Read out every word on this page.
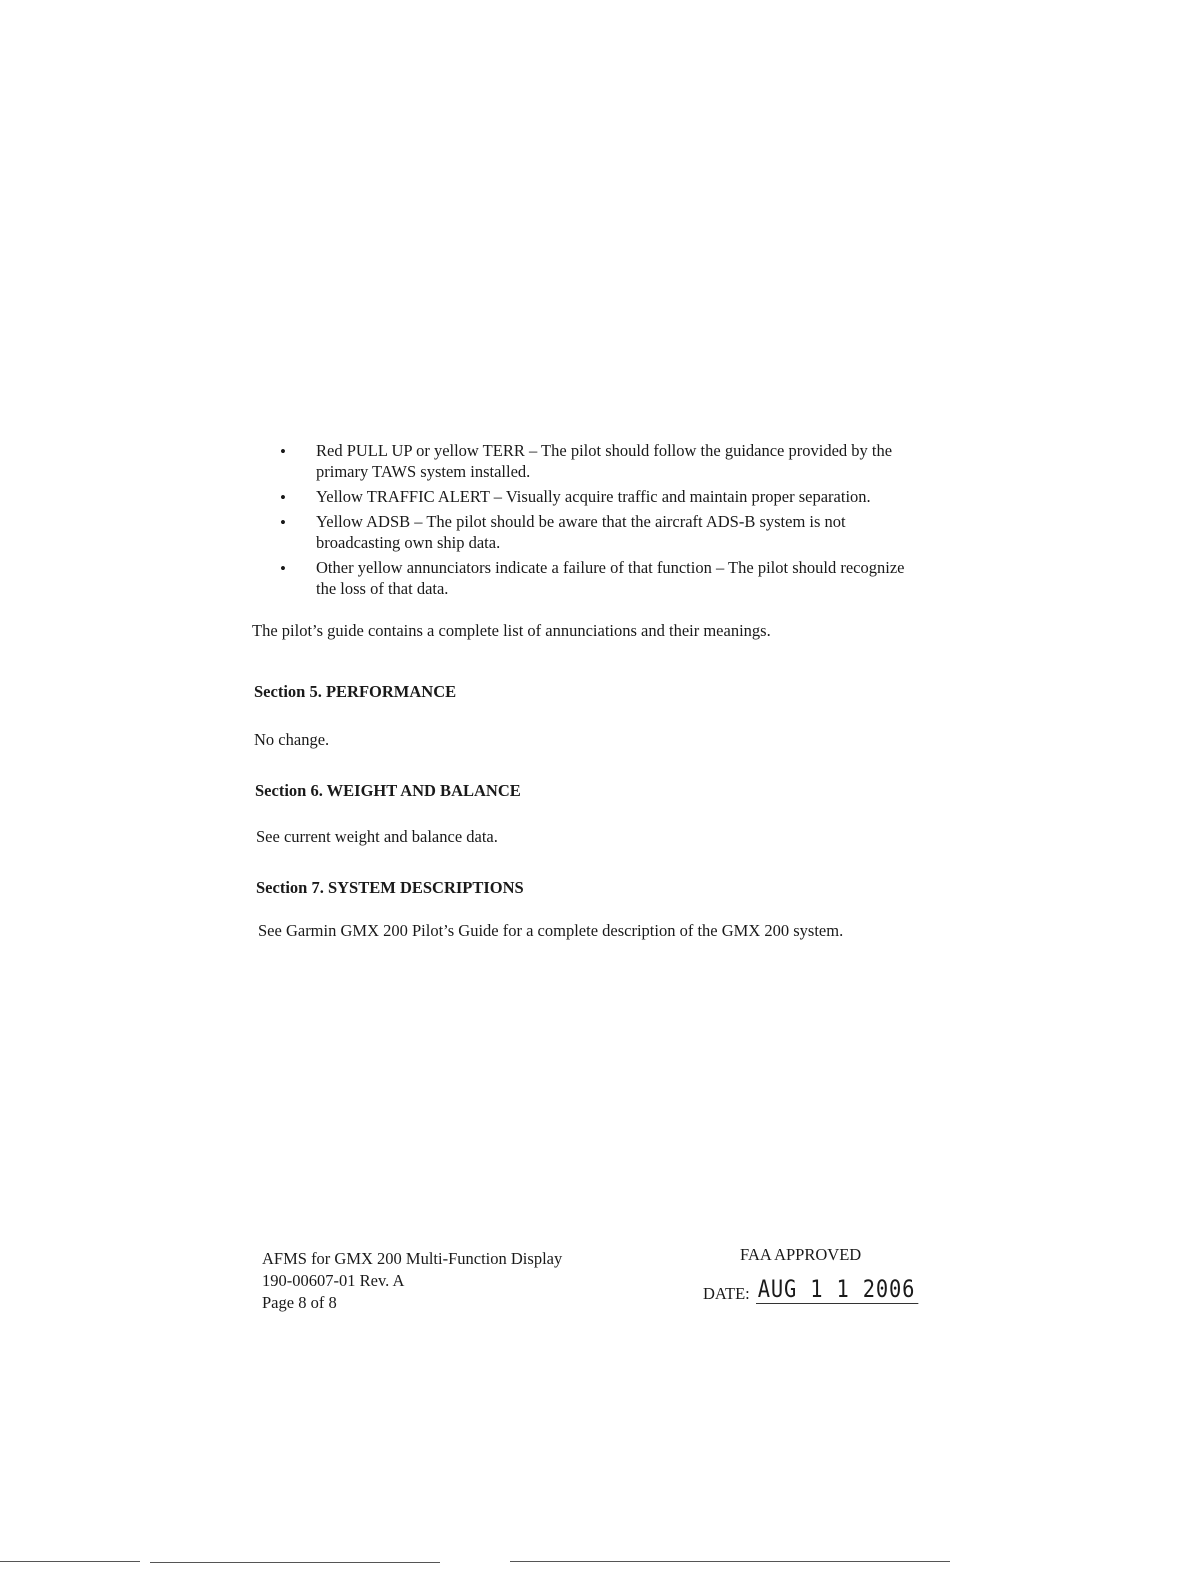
• Red PULL UP or yellow TERR – The pilot should follow the guidance provided by the primary TAWS system installed.
• Yellow TRAFFIC ALERT – Visually acquire traffic and maintain proper separation.
• Yellow ADSB – The pilot should be aware that the aircraft ADS-B system is not broadcasting own ship data.
• Other yellow annunciators indicate a failure of that function – The pilot should recognize the loss of that data.
The pilot’s guide contains a complete list of annunciations and their meanings.
Section 5. PERFORMANCE
No change.
Section 6. WEIGHT AND BALANCE
See current weight and balance data.
Section 7. SYSTEM DESCRIPTIONS
See Garmin GMX 200 Pilot’s Guide for a complete description of the GMX 200 system.
AFMS for GMX 200 Multi-Function Display
190-00607-01 Rev. A
Page 8 of 8
FAA APPROVED
DATE: AUG 1 1 2006
